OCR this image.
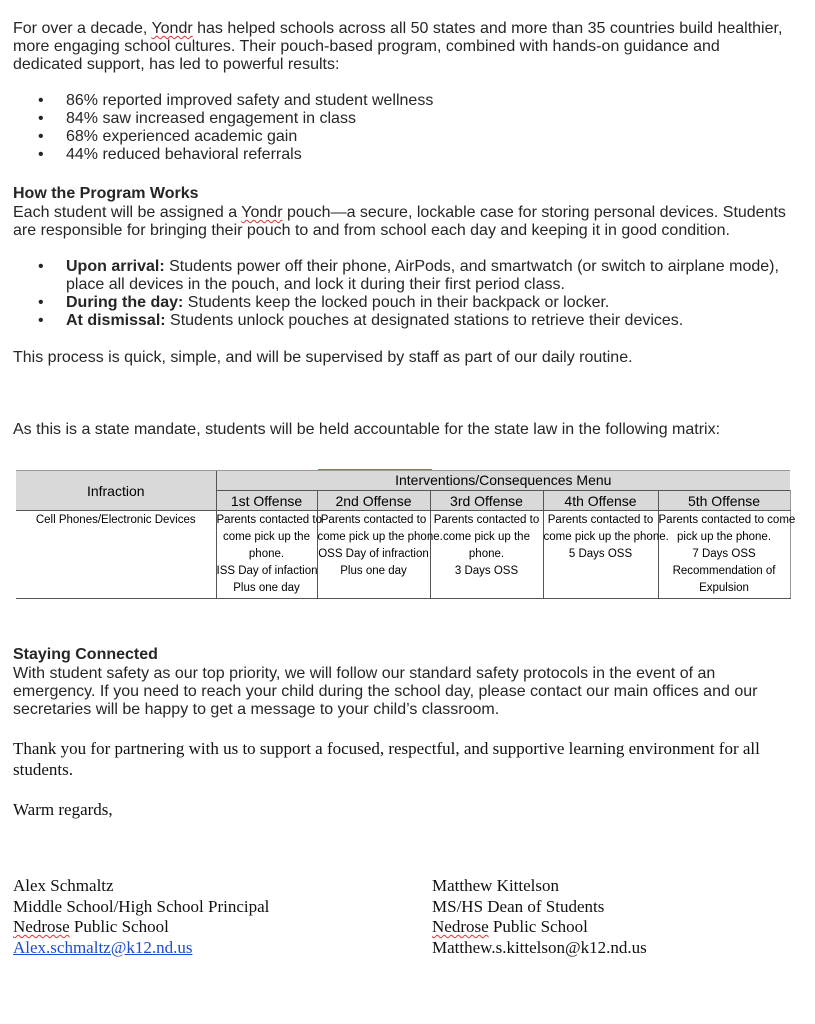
For over a decade, Yondr has helped schools across all 50 states and more than 35 countries build healthier, more engaging school cultures. Their pouch-based program, combined with hands-on guidance and dedicated support, has led to powerful results:

• 86% reported improved safety and student wellness
• 84% saw increased engagement in class
• 68% experienced academic gain
• 44% reduced behavioral referrals

How the Program Works

Each student will be assigned a Yondr pouch—a secure, lockable case for storing personal devices. Students are responsible for bringing their pouch to and from school each day and keeping it in good condition.

• Upon arrival: Students power off their phone, AirPods, and smartwatch (or switch to airplane mode), place all devices in the pouch, and lock it during their first period class.
• During the day: Students keep the locked pouch in their backpack or locker.
• At dismissal: Students unlock pouches at designated stations to retrieve their devices.

This process is quick, simple, and will be supervised by staff as part of our daily routine.

As this is a state mandate, students will be held accountable for the state law in the following matrix:

Infraction	Interventions/Consequences Menu				
	1st Offense	2nd Offense	3rd Offense	4th Offense	5th Offense
Cell Phones/Electronic Devices	Parents contacted to
come pick up the
phone.
ISS Day of infaction
Plus one day	Parents contacted to
come pick up the phone.
OSS Day of infraction
Plus one day	Parents contacted to
come pick up the
phone.
3 Days OSS	Parents contacted to
come pick up the phone.
5 Days OSS	Parents contacted to come
pick up the phone.
7 Days OSS
Recommendation of
Expulsion

Staying Connected

With student safety as our top priority, we will follow our standard safety protocols in the event of an emergency. If you need to reach your child during the school day, please contact our main offices and our secretaries will be happy to get a message to your child’s classroom.

Thank you for partnering with us to support a focused, respectful, and supportive learning environment for all students.

Warm regards,

Alex Schmaltz
Middle School/High School Principal
Nedrose Public School
Alex.schmaltz@k12.nd.us
Matthew Kittelson
MS/HS Dean of Students
Nedrose Public School
Matthew.s.kittelson@k12.nd.us
